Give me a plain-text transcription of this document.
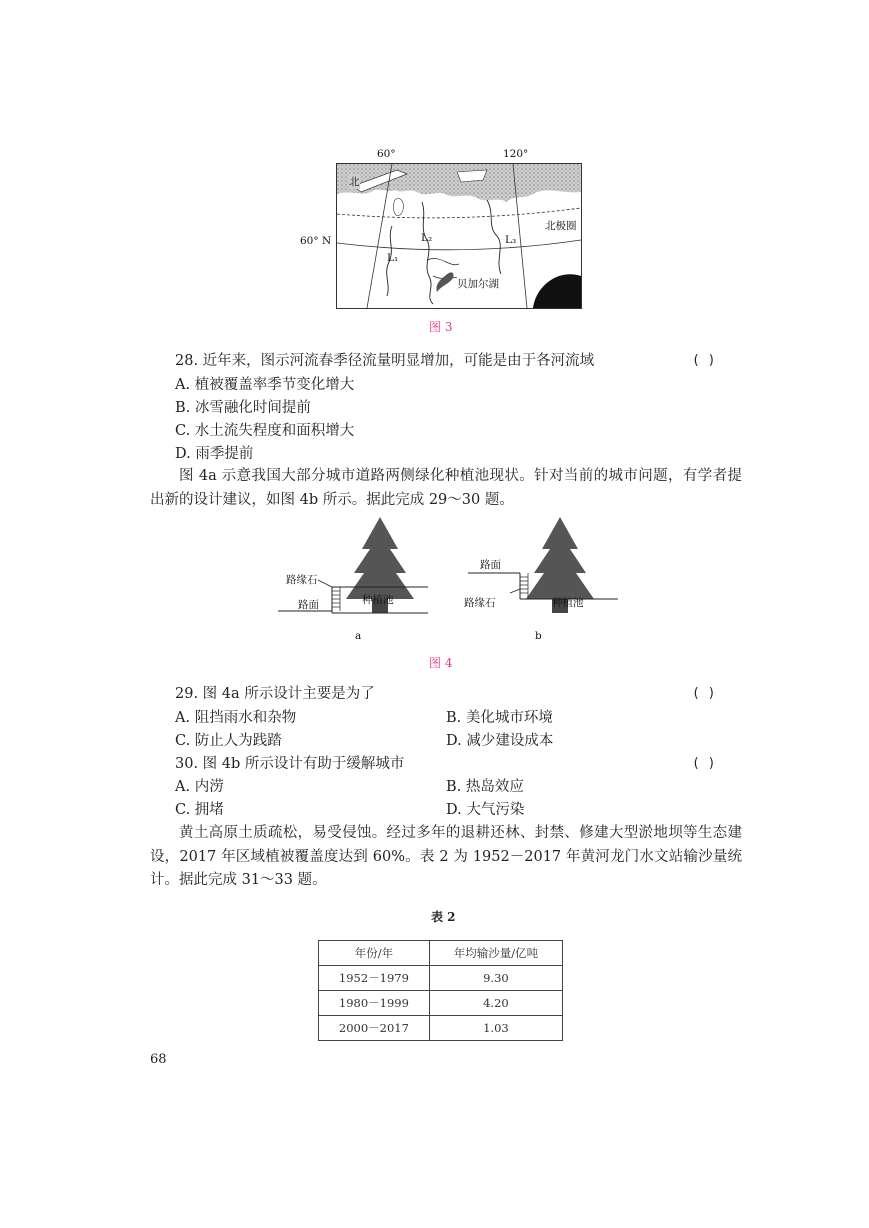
60°	120°
北
北极圈
L₁
L₂	L₃
贝加尔湖
60° N
图 3
28. 近年来，图示河流春季径流量明显增加，可能是由于各河流域	( )
A. 植被覆盖率季节变化增大
B. 冰雪融化时间提前
C. 水土流失程度和面积增大
D. 雨季提前
图 4a 示意我国大部分城市道路两侧绿化种植池现状。针对当前的城市问题，有学者提出新的设计建议，如图 4b 所示。据此完成 29～30 题。
路缘石
路面	种植池
a
路面
路缘石	种植池
b
图 4
29. 图 4a 所示设计主要是为了	( )
A. 阻挡雨水和杂物	B. 美化城市环境
C. 防止人为践踏	D. 减少建设成本
30. 图 4b 所示设计有助于缓解城市	( )
A. 内涝	B. 热岛效应
C. 拥堵	D. 大气污染
黄土高原土质疏松，易受侵蚀。经过多年的退耕还林、封禁、修建大型淤地坝等生态建设，2017 年区域植被覆盖度达到 60%。表 2 为 1952－2017 年黄河龙门水文站输沙量统计。据此完成 31～33 题。
表 2
年份/年	年均输沙量/亿吨
1952－1979	9.30
1980－1999	4.20
2000－2017	1.03
68
